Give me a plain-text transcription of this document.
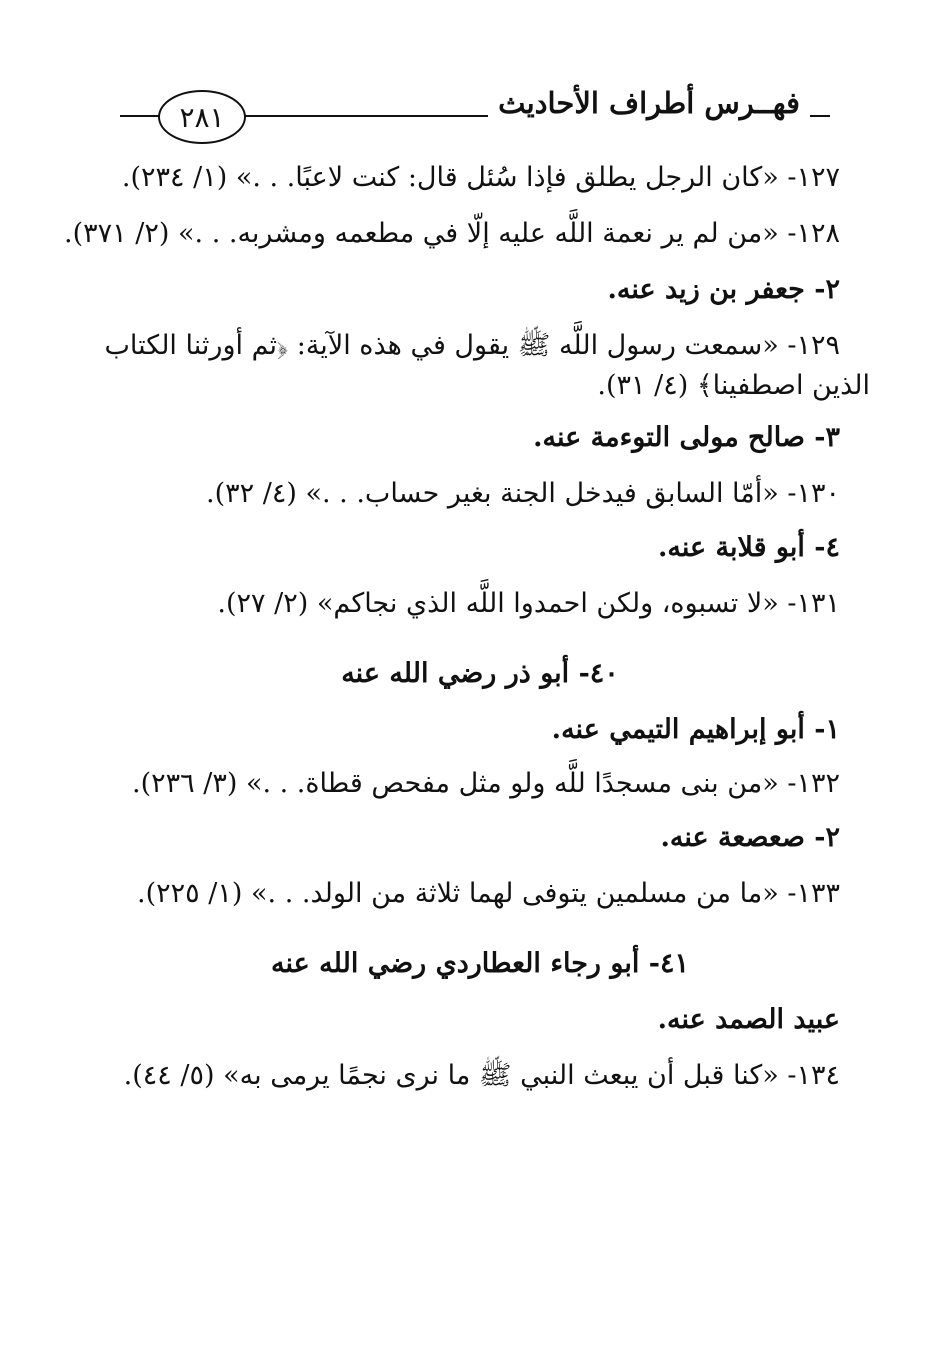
٢٨١	فهــرس أطراف الأحاديث
١٢٧- «كان الرجل يطلق فإذا سُئل قال: كنت لاعبًا. . .» (١/ ٢٣٤).
١٢٨- «من لم ير نعمة اللَّه عليه إلّا في مطعمه ومشربه. . .» (٢/ ٣٧١).
٢- جعفر بن زيد عنه.
١٢٩- «سمعت رسول اللَّه ﷺ يقول في هذه الآية: ﴿ثم أورثنا الكتاب
الذين اصطفينا﴾ (٤/ ٣١).
٣- صالح مولى التوءمة عنه.
١٣٠- «أمّا السابق فيدخل الجنة بغير حساب. . .» (٤/ ٣٢).
٤- أبو قلابة عنه.
١٣١- «لا تسبوه، ولكن احمدوا اللَّه الذي نجاكم» (٢/ ٢٧).
٤٠- أبو ذر رضي الله عنه
١- أبو إبراهيم التيمي عنه.
١٣٢- «من بنى مسجدًا للَّه ولو مثل مفحص قطاة. . .» (٣/ ٢٣٦).
٢- صعصعة عنه.
١٣٣- «ما من مسلمين يتوفى لهما ثلاثة من الولد. . .» (١/ ٢٢٥).
٤١- أبو رجاء العطاردي رضي الله عنه
عبيد الصمد عنه.
١٣٤- «كنا قبل أن يبعث النبي ﷺ ما نرى نجمًا يرمى به» (٥/ ٤٤).
